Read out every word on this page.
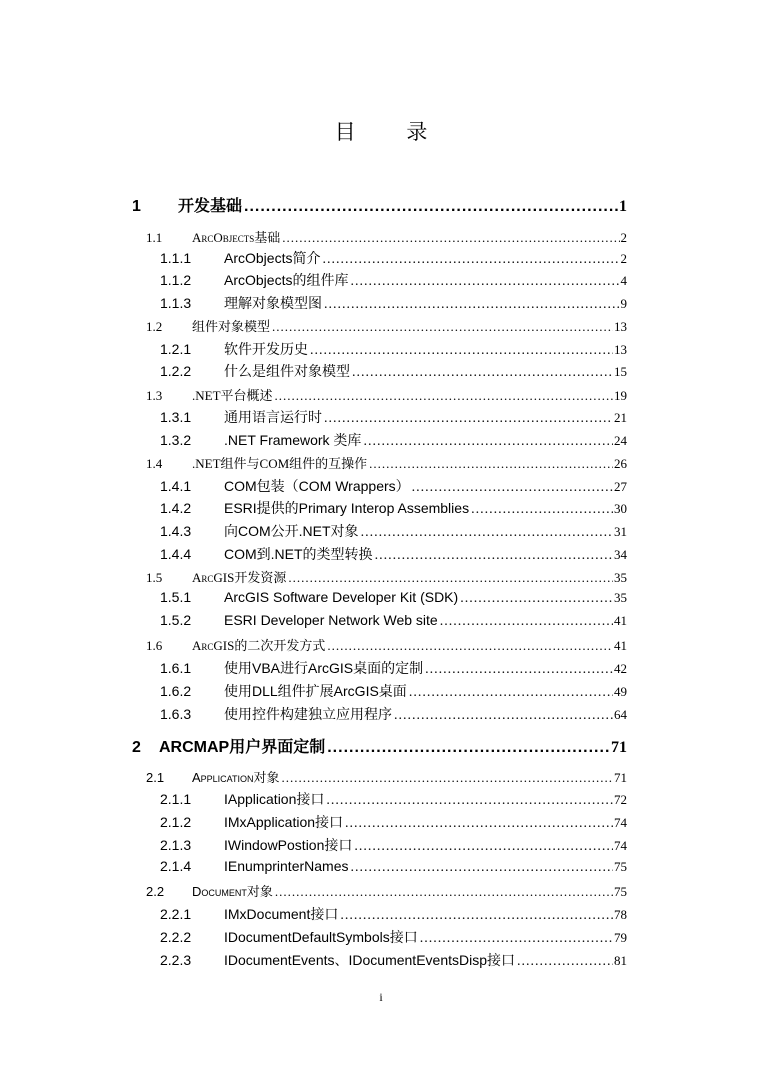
目 录
1	开发基础 .....	1
1.1	ArcObjects基础 .....	2
1.1.1	ArcObjects简介 .....	2
1.1.2	ArcObjects的组件库 .....	4
1.1.3	理解对象模型图 .....	9
1.2	组件对象模型 .....	13
1.2.1	软件开发历史 .....	13
1.2.2	什么是组件对象模型 .....	15
1.3	.NET平台概述 .....	19
1.3.1	通用语言运行时 .....	21
1.3.2	.NET Framework 类库 .....	24
1.4	.NET组件与COM组件的互操作 .....	26
1.4.1	COM包装（COM Wrappers） .....	27
1.4.2	ESRI提供的Primary Interop Assemblies .....	30
1.4.3	向COM公开.NET对象 .....	31
1.4.4	COM到.NET的类型转换 .....	34
1.5	ArcGIS开发资源 .....	35
1.5.1	ArcGIS Software Developer Kit (SDK) .....	35
1.5.2	ESRI Developer Network Web site .....	41
1.6	ArcGIS的二次开发方式 .....	41
1.6.1	使用VBA进行ArcGIS桌面的定制 .....	42
1.6.2	使用DLL组件扩展ArcGIS桌面 .....	49
1.6.3	使用控件构建独立应用程序 .....	64
2	ARCMAP用户界面定制 .....	71
2.1	Application对象 .....	71
2.1.1	IApplication接口 .....	72
2.1.2	IMxApplication接口 .....	74
2.1.3	IWindowPostion接口 .....	74
2.1.4	IEnumprinterNames .....	75
2.2	Document对象 .....	75
2.2.1	IMxDocument接口 .....	78
2.2.2	IDocumentDefaultSymbols接口 .....	79
2.2.3	IDocumentEvents、IDocumentEventsDisp接口 .....	81
i
